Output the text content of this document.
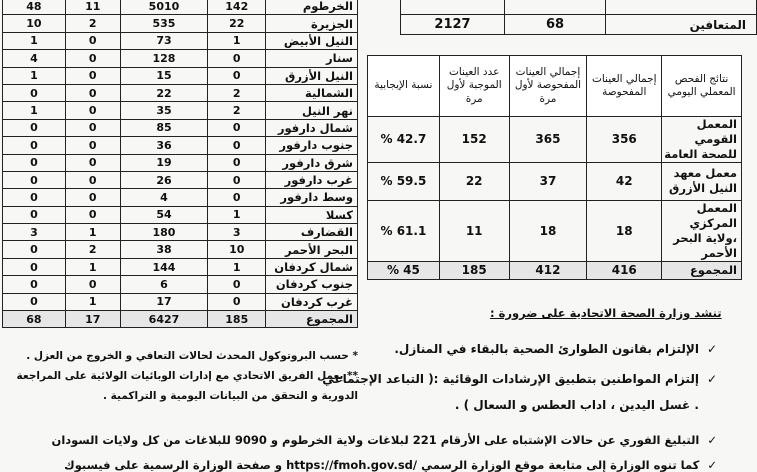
المتعافين	68	2127
الخرطوم	142	5010	11	48
الجزيرة	22	535	2	10
النيل الأبيض	1	73	0	1
سنار	0	128	0	4
النيل الأزرق	0	15	0	1
الشمالية	2	22	0	0
نهر النيل	2	35	0	1
شمال دارفور	0	85	0	0
جنوب دارفور	0	36	0	0
شرق دارفور	0	19	0	0
غرب دارفور	0	26	0	0
وسط دارفور	0	4	0	0
كسلا	1	54	0	0
القضارف	3	180	1	3
البحر الأحمر	10	38	2	0
شمال كردفان	1	144	1	0
جنوب كردفان	0	6	0	0
غرب كردفان	0	17	1	0
المجموع	185	6427	17	68
نتائج الفحص المعملي اليومي	إجمالي العينات المفحوصة	إجمالي العينات المفحوصة لأول مرة	عدد العينات الموجبة لأول مرة	نسبة الإيجابية
المعمل القومي للصحة العامة	356	365	152	42.7 %
معمل معهد النيل الأزرق	42	37	22	59.5 %
المعمل المركزي ،ولاية البحر الأحمر	18	18	11	61.1 %
المجموع	416	412	185	45 %
* حسب البروتوكول المحدث لحالات التعافي و الخروج من العزل .
** يعمل الفريق الاتحادي مع إدارات الوبائيات الولائية على المراجعة
الدورية و التحقق من البيانات اليومية و التراكمية .
تنشد وزارة الصحة الاتحادية على ضرورة :
✓الإلتزام بقانون الطوارئ الصحية بالبقاء في المنازل.
✓إلتزام المواطنين بتطبيق الإرشادات الوقائية :( التباعد الإجتماعي
. غسل اليدين ، اداب العطس و السعال ) .
✓التبليغ الفوري عن حالات الإشتباه على الأرقام 221 لبلاغات ولاية الخرطوم و 9090 للبلاغات من كل ولايات السودان
✓كما تنوه الوزارة إلى متابعة موقع الوزارة الرسمي /https://fmoh.gov.sd و صفحة الوزارة الرسمية على فيسبوك
